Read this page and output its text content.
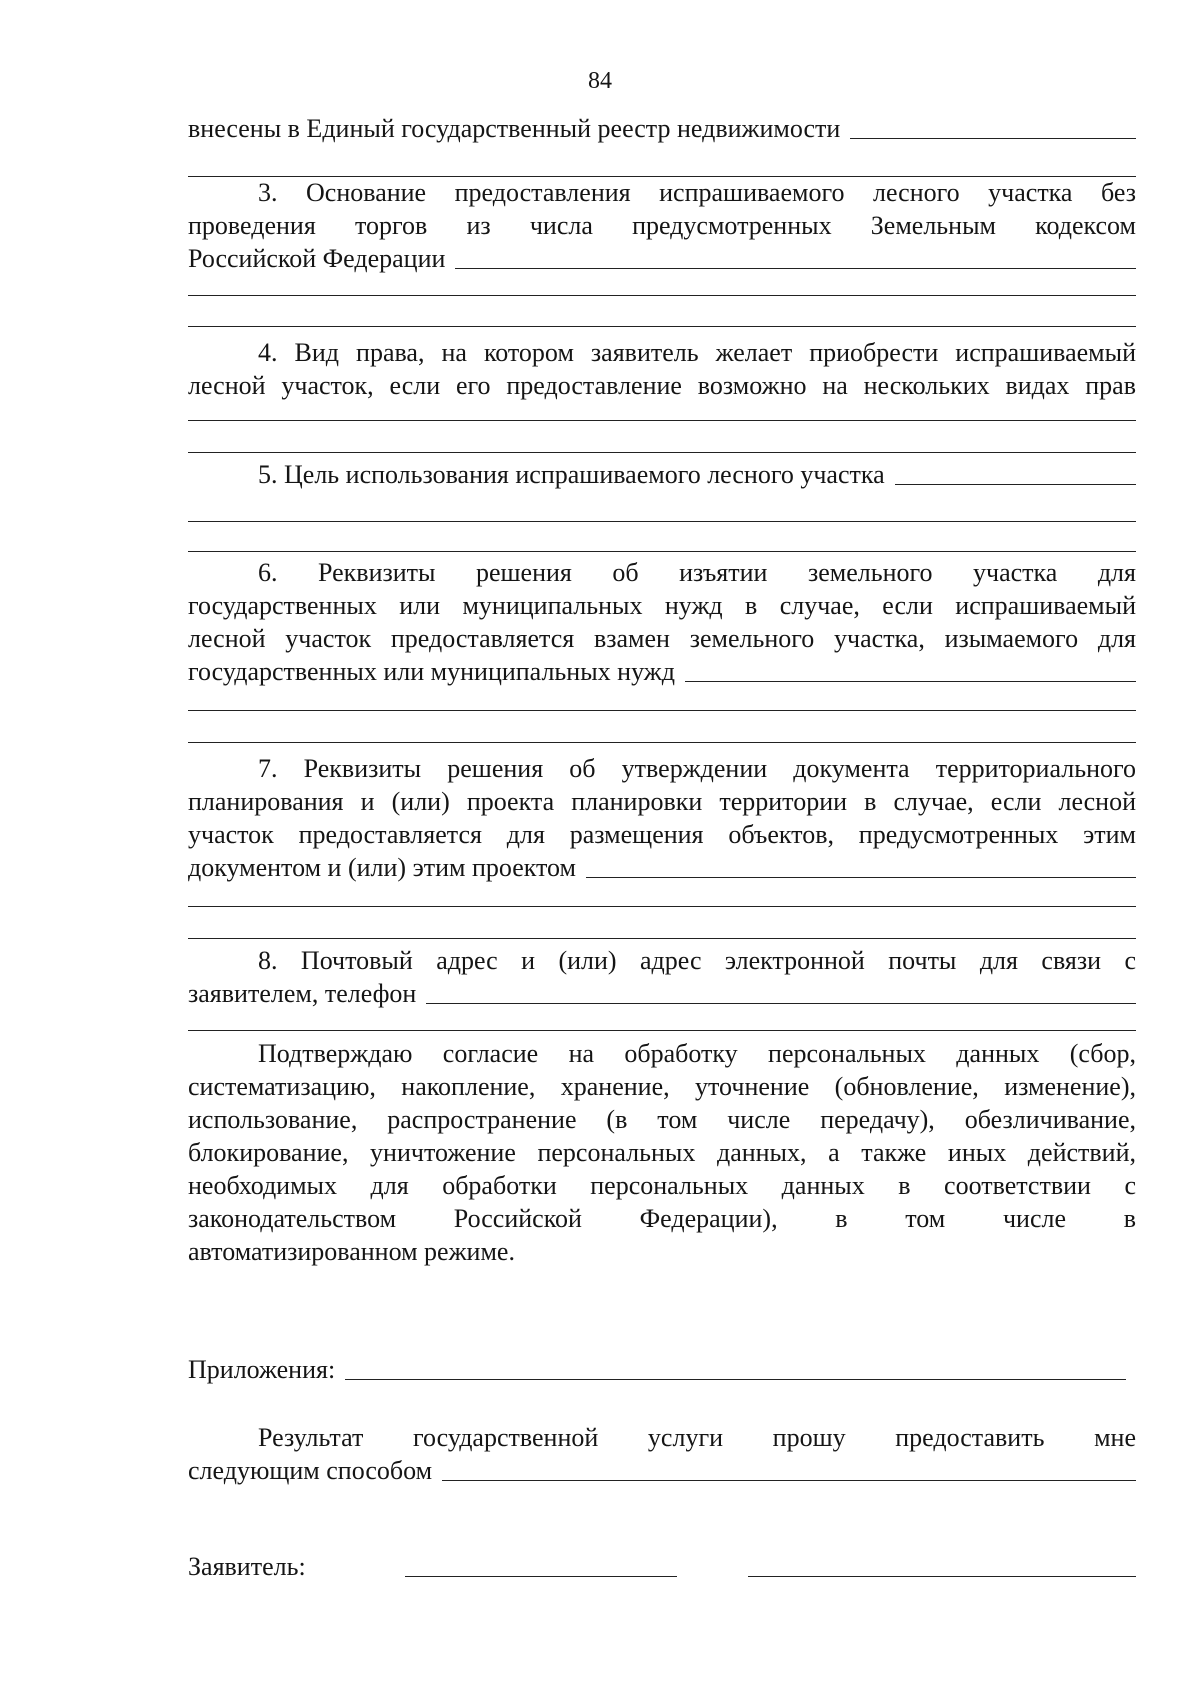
84
внесены в Единый государственный реестр недвижимости
3. Основание предоставления испрашиваемого лесного участка без
проведения торгов из числа предусмотренных Земельным кодексом
Российской Федерации
4. Вид права, на котором заявитель желает приобрести испрашиваемый
лесной участок, если его предоставление возможно на нескольких видах прав
5. Цель использования испрашиваемого лесного участка
6. Реквизиты решения об изъятии земельного участка для
государственных или муниципальных нужд в случае, если испрашиваемый
лесной участок предоставляется взамен земельного участка, изымаемого для
государственных или муниципальных нужд
7. Реквизиты решения об утверждении документа территориального
планирования и (или) проекта планировки территории в случае, если лесной
участок предоставляется для размещения объектов, предусмотренных этим
документом и (или) этим проектом
8. Почтовый адрес и (или) адрес электронной почты для связи с
заявителем, телефон
Подтверждаю согласие на обработку персональных данных (сбор,
систематизацию, накопление, хранение, уточнение (обновление, изменение),
использование, распространение (в том числе передачу), обезличивание,
блокирование, уничтожение персональных данных, а также иных действий,
необходимых для обработки персональных данных в соответствии с
законодательством Российской Федерации), в том числе в
автоматизированном режиме.
Приложения:
Результат государственной услуги прошу предоставить мне
следующим способом
Заявитель:
